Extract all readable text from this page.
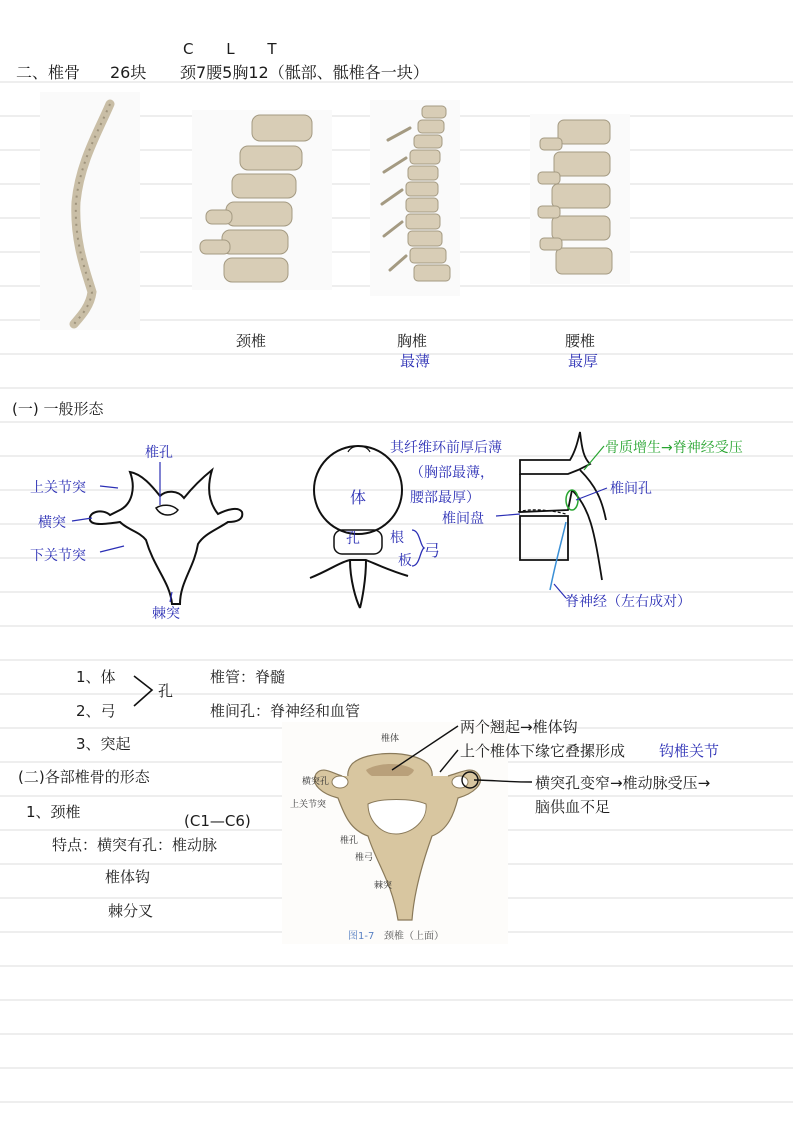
二、椎骨 26块
C L T
颈7腰5胸12（骶部、骶椎各一块）
颈椎	胸椎
最薄
腰椎
最厚
(一) 一般形态
椎孔
上关节突
横突
下关节突
棘突
其纤维环前厚后薄
（胸部最薄，
腰部最厚）
体
孔 根
板
弓
骨质增生→脊神经受压
椎间孔
椎间盘
脊神经（左右成对）
1、体
2、弓
3、突起
孔
椎管：脊髓
椎间孔：脊神经和血管
(二)各部椎骨的形态
1、颈椎	(C1—C6)
特点：横突有孔：椎动脉
椎体钩
棘分叉
椎体
横突孔
上关节突
椎孔
椎弓
棘突
图1-7 颈椎（上面）
两个翘起→椎体钩
上个椎体下缘它叠摞形成 钩椎关节
横突孔变窄→椎动脉受压→
脑供血不足
